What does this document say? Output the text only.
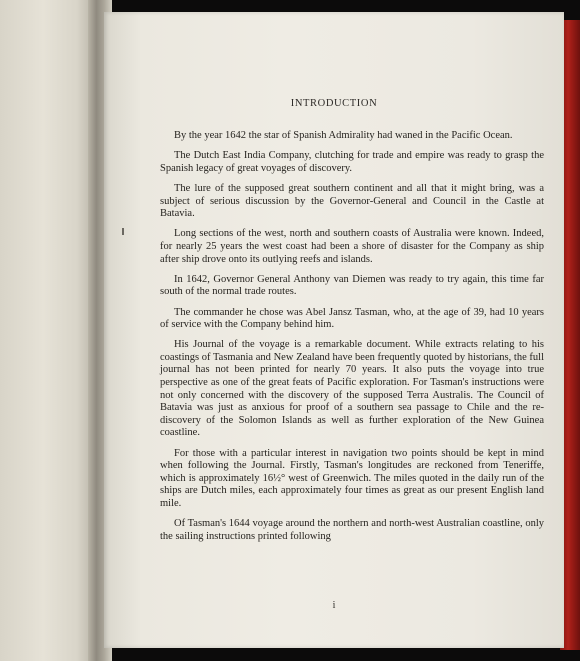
INTRODUCTION

By the year 1642 the star of Spanish Admirality had waned in the Pacific Ocean.

The Dutch East India Company, clutching for trade and empire was ready to grasp the Spanish legacy of great voyages of discovery.

The lure of the supposed great southern continent and all that it might bring, was a subject of serious discussion by the Governor-General and Council in the Castle at Batavia.

Long sections of the west, north and southern coasts of Australia were known. Indeed, for nearly 25 years the west coast had been a shore of disaster for the Company as ship after ship drove onto its outlying reefs and islands.

In 1642, Governor General Anthony van Diemen was ready to try again, this time far south of the normal trade routes.

The commander he chose was Abel Jansz Tasman, who, at the age of 39, had 10 years of service with the Company behind him.

His Journal of the voyage is a remarkable document. While extracts relating to his coastings of Tasmania and New Zealand have been frequently quoted by historians, the full journal has not been printed for nearly 70 years. It also puts the voyage into true perspective as one of the great feats of Pacific exploration. For Tasman's instructions were not only concerned with the discovery of the supposed Terra Australis. The Council of Batavia was just as anxious for proof of a southern sea passage to Chile and the re-discovery of the Solomon Islands as well as further exploration of the New Guinea coastline.

For those with a particular interest in navigation two points should be kept in mind when following the Journal. Firstly, Tasman's longitudes are reckoned from Teneriffe, which is approximately 16½° west of Greenwich. The miles quoted in the daily run of the ships are Dutch miles, each approximately four times as great as our present English land mile.

Of Tasman's 1644 voyage around the northern and north-west Australian coastline, only the sailing instructions printed following

i
